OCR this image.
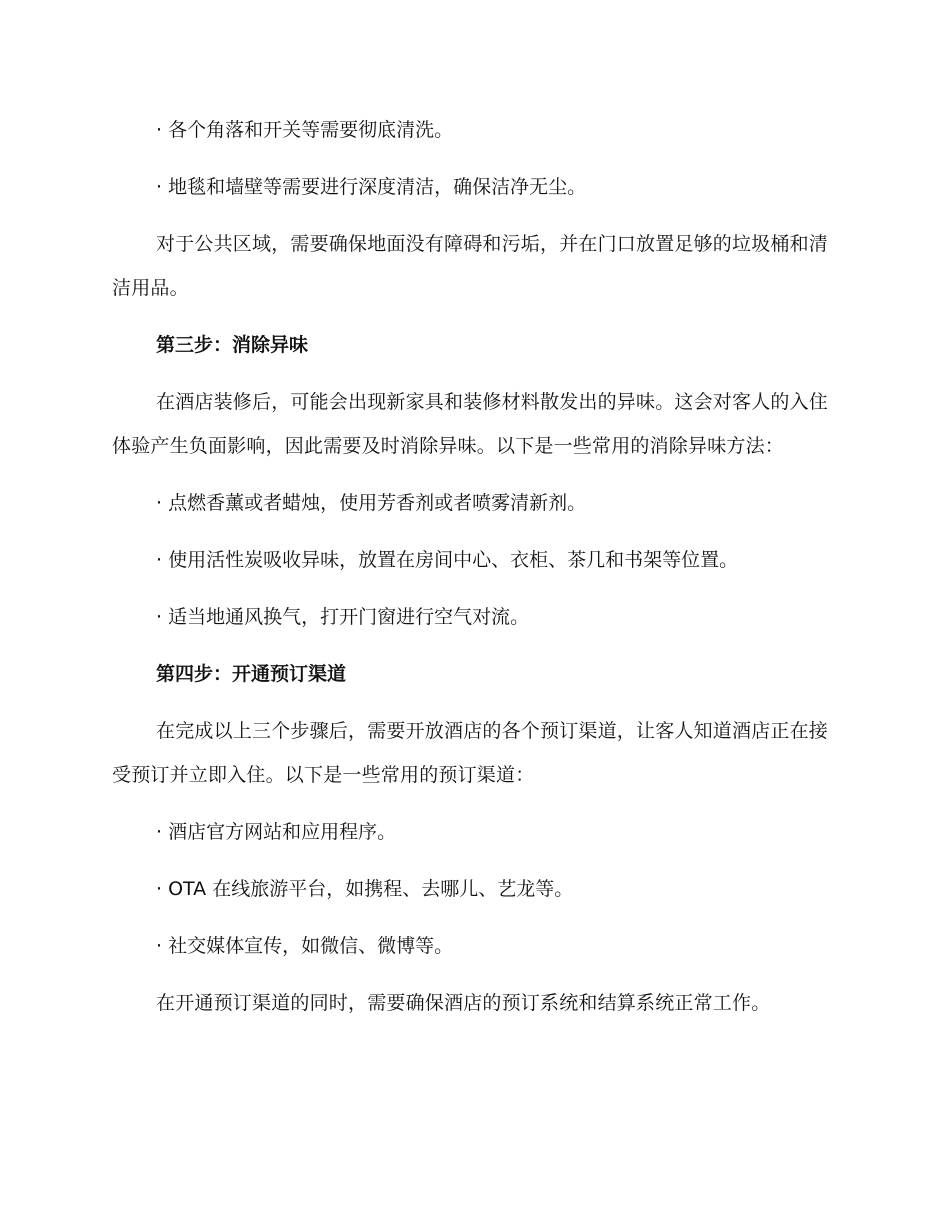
· 各个角落和开关等需要彻底清洗。
· 地毯和墙壁等需要进行深度清洁，确保洁净无尘。
对于公共区域，需要确保地面没有障碍和污垢，并在门口放置足够的垃圾桶和清洁用品。
第三步：消除异味
在酒店装修后，可能会出现新家具和装修材料散发出的异味。这会对客人的入住体验产生负面影响，因此需要及时消除异味。以下是一些常用的消除异味方法：
· 点燃香薰或者蜡烛，使用芳香剂或者喷雾清新剂。
· 使用活性炭吸收异味，放置在房间中心、衣柜、茶几和书架等位置。
· 适当地通风换气，打开门窗进行空气对流。
第四步：开通预订渠道
在完成以上三个步骤后，需要开放酒店的各个预订渠道，让客人知道酒店正在接受预订并立即入住。以下是一些常用的预订渠道：
· 酒店官方网站和应用程序。
· OTA 在线旅游平台，如携程、去哪儿、艺龙等。
· 社交媒体宣传，如微信、微博等。
在开通预订渠道的同时，需要确保酒店的预订系统和结算系统正常工作。
